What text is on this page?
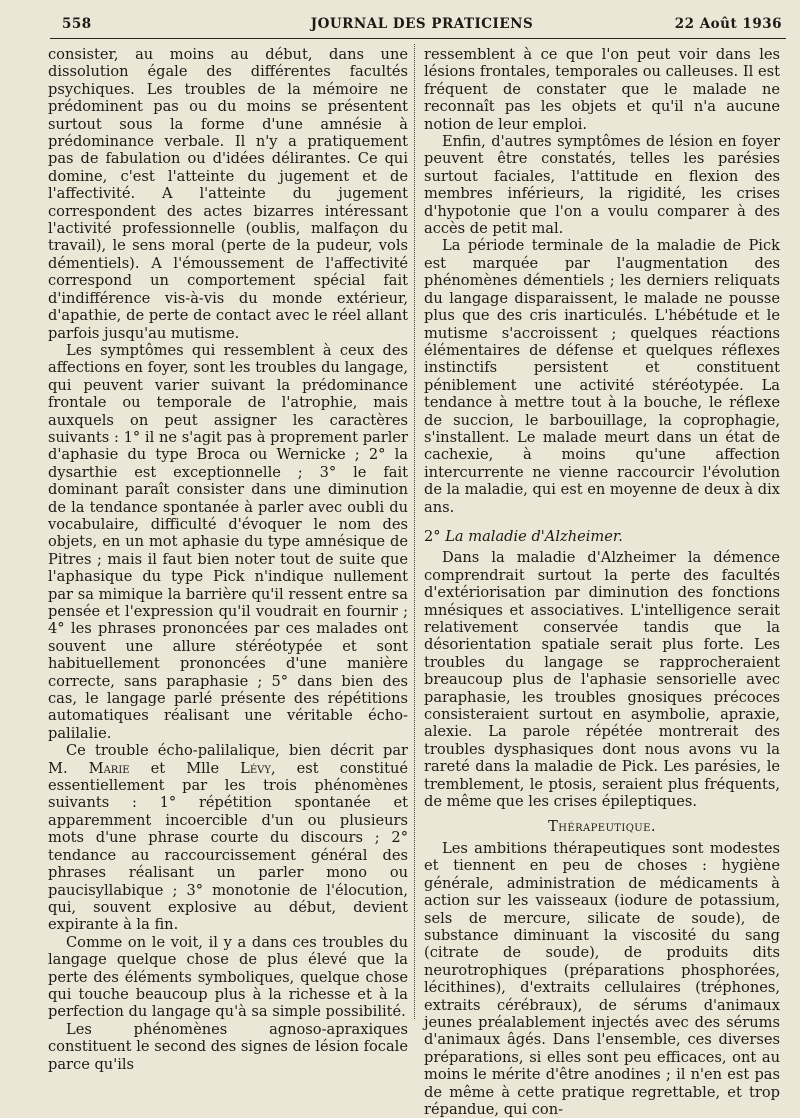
558	JOURNAL DES PRATICIENS	22 Août 1936

consister, au moins au début, dans une dissolution égale des différentes facultés psychiques. Les troubles de la mémoire ne prédominent pas ou du moins se présentent surtout sous la forme d'une amnésie à prédominance verbale. Il n'y a pratiquement pas de fabulation ou d'idées délirantes. Ce qui domine, c'est l'atteinte du jugement et de l'affectivité. A l'atteinte du jugement correspondent des actes bizarres intéressant l'activité professionnelle (oublis, malfaçon du travail), le sens moral (perte de la pudeur, vols démentiels). A l'émoussement de l'affectivité correspond un comportement spécial fait d'indifférence vis-à-vis du monde extérieur, d'apathie, de perte de contact avec le réel allant parfois jusqu'au mutisme.

Les symptômes qui ressemblent à ceux des affections en foyer, sont les troubles du langage, qui peuvent varier suivant la prédominance frontale ou temporale de l'atrophie, mais auxquels on peut assigner les caractères suivants : 1° il ne s'agit pas à proprement parler d'aphasie du type Broca ou Wernicke ; 2° la dysarthie est exceptionnelle ; 3° le fait dominant paraît consister dans une diminution de la tendance spontanée à parler avec oubli du vocabulaire, difficulté d'évoquer le nom des objets, en un mot aphasie du type amnésique de Pitres ; mais il faut bien noter tout de suite que l'aphasique du type Pick n'indique nullement par sa mimique la barrière qu'il ressent entre sa pensée et l'expression qu'il voudrait en fournir ; 4° les phrases prononcées par ces malades ont souvent une allure stéréotypée et sont habituellement prononcées d'une manière correcte, sans paraphasie ; 5° dans bien des cas, le langage parlé présente des répétitions automatiques réalisant une véritable écho-palilalie.

Ce trouble écho-palilalique, bien décrit par M. Marie et Mlle Lévy, est constitué essentiellement par les trois phénomènes suivants : 1° répétition spontanée et apparemment incoercible d'un ou plusieurs mots d'une phrase courte du discours ; 2° tendance au raccourcissement général des phrases réalisant un parler mono ou paucisyllabique ; 3° monotonie de l'élocution, qui, souvent explosive au début, devient expirante à la fin.

Comme on le voit, il y a dans ces troubles du langage quelque chose de plus élevé que la perte des éléments symboliques, quelque chose qui touche beaucoup plus à la richesse et à la perfection du langage qu'à sa simple possibilité.

Les phénomènes agnoso-apraxiques constituent le second des signes de lésion focale parce qu'ils

ressemblent à ce que l'on peut voir dans les lésions frontales, temporales ou calleuses. Il est fréquent de constater que le malade ne reconnaît pas les objets et qu'il n'a aucune notion de leur emploi.

Enfin, d'autres symptômes de lésion en foyer peuvent être constatés, telles les parésies surtout faciales, l'attitude en flexion des membres inférieurs, la rigidité, les crises d'hypotonie que l'on a voulu comparer à des accès de petit mal.

La période terminale de la maladie de Pick est marquée par l'augmentation des phénomènes démentiels ; les derniers reliquats du langage disparaissent, le malade ne pousse plus que des cris inarticulés. L'hébétude et le mutisme s'accroissent ; quelques réactions élémentaires de défense et quelques réflexes instinctifs persistent et constituent péniblement une activité stéréotypée. La tendance à mettre tout à la bouche, le réflexe de succion, le barbouillage, la coprophagie, s'installent. Le malade meurt dans un état de cachexie, à moins qu'une affection intercurrente ne vienne raccourcir l'évolution de la maladie, qui est en moyenne de deux à dix ans.

2° La maladie d'Alzheimer.

Dans la maladie d'Alzheimer la démence comprendrait surtout la perte des facultés d'extériorisation par diminution des fonctions mnésiques et associatives. L'intelligence serait relativement conservée tandis que la désorientation spatiale serait plus forte. Les troubles du langage se rapprocheraient breaucoup plus de l'aphasie sensorielle avec paraphasie, les troubles gnosiques précoces consisteraient surtout en asymbolie, apraxie, alexie. La parole répétée montrerait des troubles dysphasiques dont nous avons vu la rareté dans la maladie de Pick. Les parésies, le tremblement, le ptosis, seraient plus fréquents, de même que les crises épileptiques.

Thérapeutique.

Les ambitions thérapeutiques sont modestes et tiennent en peu de choses : hygiène générale, administration de médicaments à action sur les vaisseaux (iodure de potassium, sels de mercure, silicate de soude), de substance diminuant la viscosité du sang (citrate de soude), de produits dits neurotrophiques (préparations phosphorées, lécithines), d'extraits cellulaires (tréphones, extraits cérébraux), de sérums d'animaux jeunes préalablement injectés avec des sérums d'animaux âgés. Dans l'ensemble, ces diverses préparations, si elles sont peu efficaces, ont au moins le mérite d'être anodines ; il n'en est pas de même à cette pratique regrettable, et trop répandue, qui con-
